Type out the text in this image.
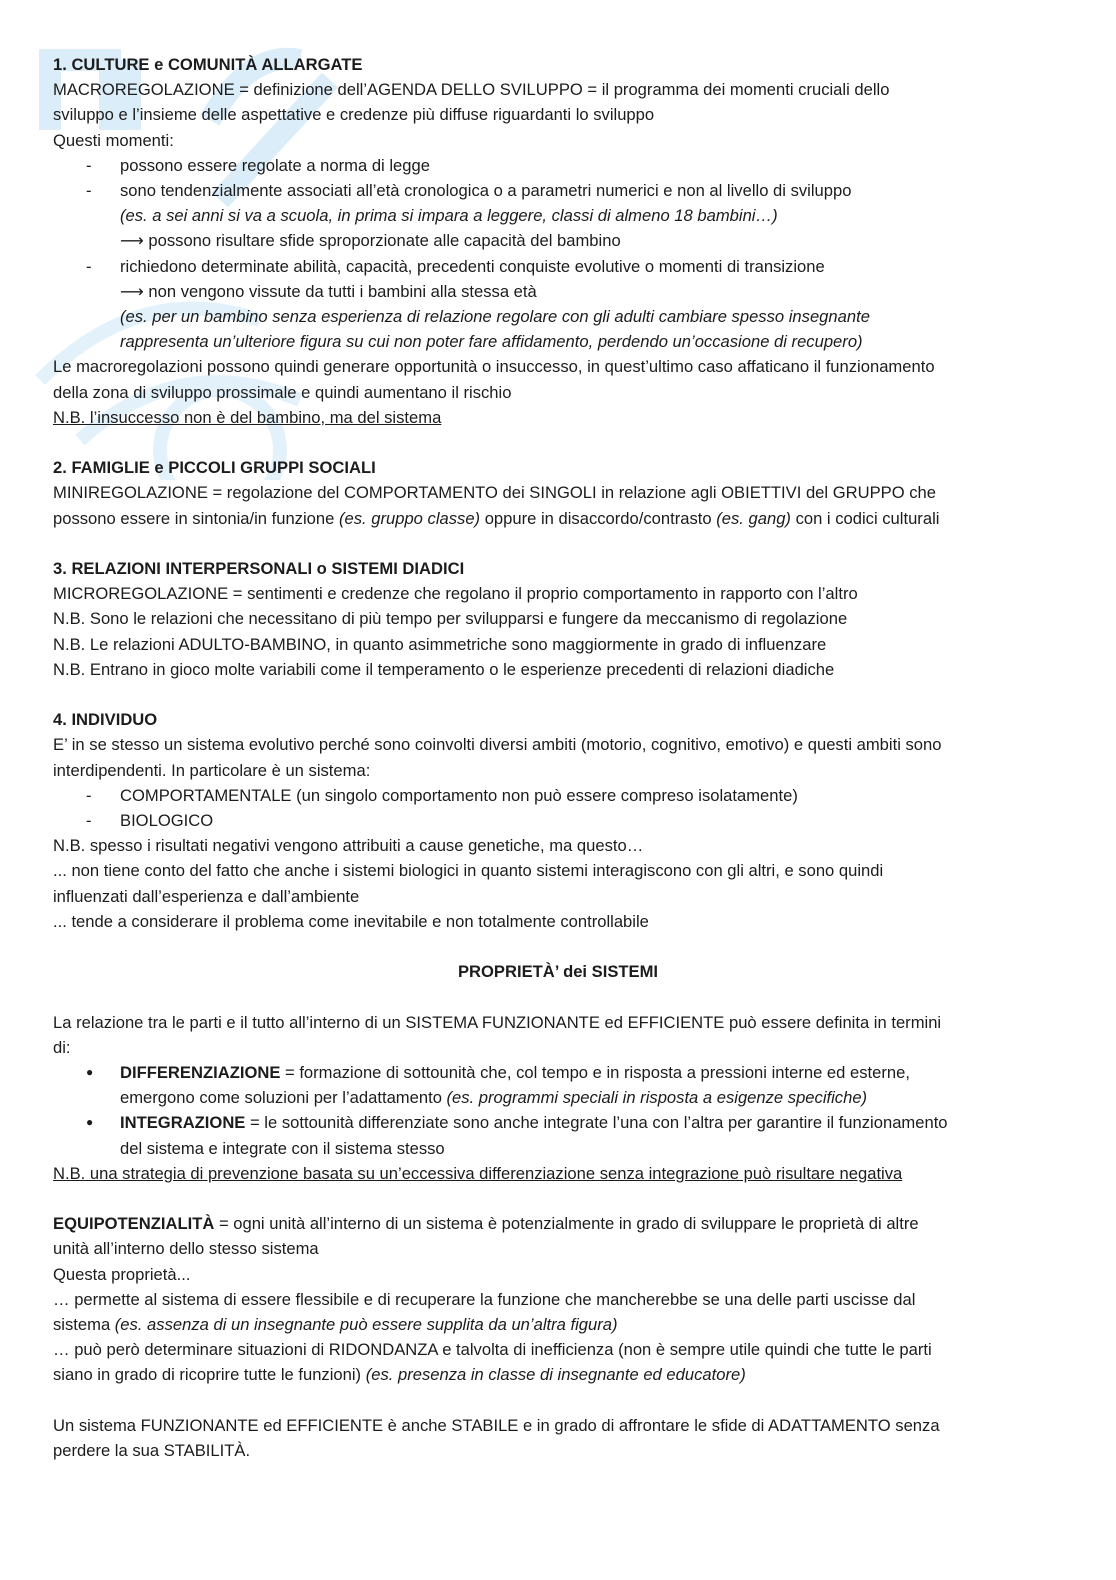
1. CULTURE e COMUNITÀ ALLARGATE

MACROREGOLAZIONE = definizione dell’AGENDA DELLO SVILUPPO = il programma dei momenti cruciali dello
sviluppo e l’insieme delle aspettative e credenze più diffuse riguardanti lo sviluppo

Questi momenti:

- possono essere regolate a norma di legge

- sono tendenzialmente associati all’età cronologica o a parametri numerici e non al livello di sviluppo

(es. a sei anni si va a scuola, in prima si impara a leggere, classi di almeno 18 bambini…)

⟶ possono risultare sfide sproporzionate alle capacità del bambino

- richiedono determinate abilità, capacità, precedenti conquiste evolutive o momenti di transizione

⟶ non vengono vissute da tutti i bambini alla stessa età

(es. per un bambino senza esperienza di relazione regolare con gli adulti cambiare spesso insegnante
rappresenta un’ulteriore figura su cui non poter fare affidamento, perdendo un’occasione di recupero)

Le macroregolazioni possono quindi generare opportunità o insuccesso, in quest’ultimo caso affaticano il funzionamento
della zona di sviluppo prossimale e quindi aumentano il rischio

N.B. l’insuccesso non è del bambino, ma del sistema

2. FAMIGLIE e PICCOLI GRUPPI SOCIALI

MINIREGOLAZIONE = regolazione del COMPORTAMENTO dei SINGOLI in relazione agli OBIETTIVI del GRUPPO che
possono essere in sintonia/in funzione (es. gruppo classe) oppure in disaccordo/contrasto (es. gang) con i codici culturali

3. RELAZIONI INTERPERSONALI o SISTEMI DIADICI

MICROREGOLAZIONE = sentimenti e credenze che regolano il proprio comportamento in rapporto con l’altro

N.B. Sono le relazioni che necessitano di più tempo per svilupparsi e fungere da meccanismo di regolazione

N.B. Le relazioni ADULTO-BAMBINO, in quanto asimmetriche sono maggiormente in grado di influenzare

N.B. Entrano in gioco molte variabili come il temperamento o le esperienze precedenti di relazioni diadiche

4. INDIVIDUO

E’ in se stesso un sistema evolutivo perché sono coinvolti diversi ambiti (motorio, cognitivo, emotivo) e questi ambiti sono
interdipendenti. In particolare è un sistema:

- COMPORTAMENTALE (un singolo comportamento non può essere compreso isolatamente)

- BIOLOGICO

N.B. spesso i risultati negativi vengono attribuiti a cause genetiche, ma questo…

... non tiene conto del fatto che anche i sistemi biologici in quanto sistemi interagiscono con gli altri, e sono quindi
influenzati dall’esperienza e dall’ambiente

... tende a considerare il problema come inevitabile e non totalmente controllabile

PROPRIETÀ’ dei SISTEMI

La relazione tra le parti e il tutto all’interno di un SISTEMA FUNZIONANTE ed EFFICIENTE può essere definita in termini
di:

● DIFFERENZIAZIONE = formazione di sottounità che, col tempo e in risposta a pressioni interne ed esterne,
emergono come soluzioni per l’adattamento (es. programmi speciali in risposta a esigenze specifiche)

● INTEGRAZIONE = le sottounità differenziate sono anche integrate l’una con l’altra per garantire il funzionamento
del sistema e integrate con il sistema stesso

N.B. una strategia di prevenzione basata su un’eccessiva differenziazione senza integrazione può risultare negativa

EQUIPOTENZIALITÀ = ogni unità all’interno di un sistema è potenzialmente in grado di sviluppare le proprietà di altre
unità all’interno dello stesso sistema

Questa proprietà...

… permette al sistema di essere flessibile e di recuperare la funzione che mancherebbe se una delle parti uscisse dal
sistema (es. assenza di un insegnante può essere supplita da un’altra figura)

… può però determinare situazioni di RIDONDANZA e talvolta di inefficienza (non è sempre utile quindi che tutte le parti
siano in grado di ricoprire tutte le funzioni) (es. presenza in classe di insegnante ed educatore)

Un sistema FUNZIONANTE ed EFFICIENTE è anche STABILE e in grado di affrontare le sfide di ADATTAMENTO senza
perdere la sua STABILITÀ.
